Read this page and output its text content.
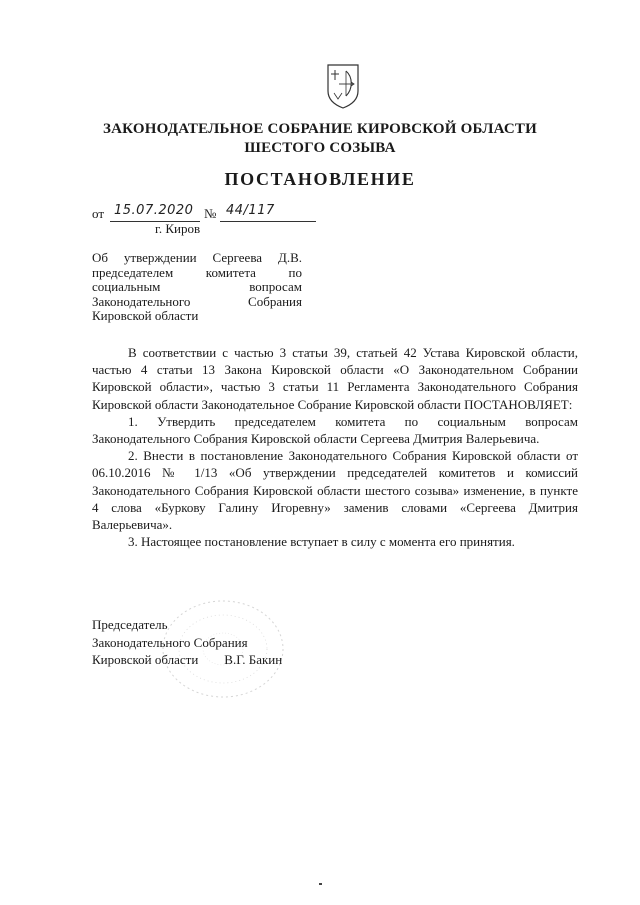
ЗАКОНОДАТЕЛЬНОЕ СОБРАНИЕ КИРОВСКОЙ ОБЛАСТИ
ШЕСТОГО СОЗЫВА
ПОСТАНОВЛЕНИЕ
от 15.07.2020 № 44/117
г. Киров
Об утверждении Сергеева Д.В. председателем комитета по социальным вопросам Законодательного Собрания Кировской области

В соответствии с частью 3 статьи 39, статьей 42 Устава Кировской области, частью 4 статьи 13 Закона Кировской области «О Законодательном Собрании Кировской области», частью 3 статьи 11 Регламента Законодательного Собрания Кировской области Законодательное Собрание Кировской области ПОСТАНОВЛЯЕТ:

1. Утвердить председателем комитета по социальным вопросам Законодательного Собрания Кировской области Сергеева Дмитрия Валерьевича.

2. Внести в постановление Законодательного Собрания Кировской области от 06.10.2016 № 1/13 «Об утверждении председателей комитетов и комиссий Законодательного Собрания Кировской области шестого созыва» изменение, в пункте 4 слова «Буркову Галину Игоревну» заменив словами «Сергеева Дмитрия Валерьевича».

3. Настоящее постановление вступает в силу с момента его принятия.

Председатель
Законодательного Собрания
Кировской области В.Г. Бакин
